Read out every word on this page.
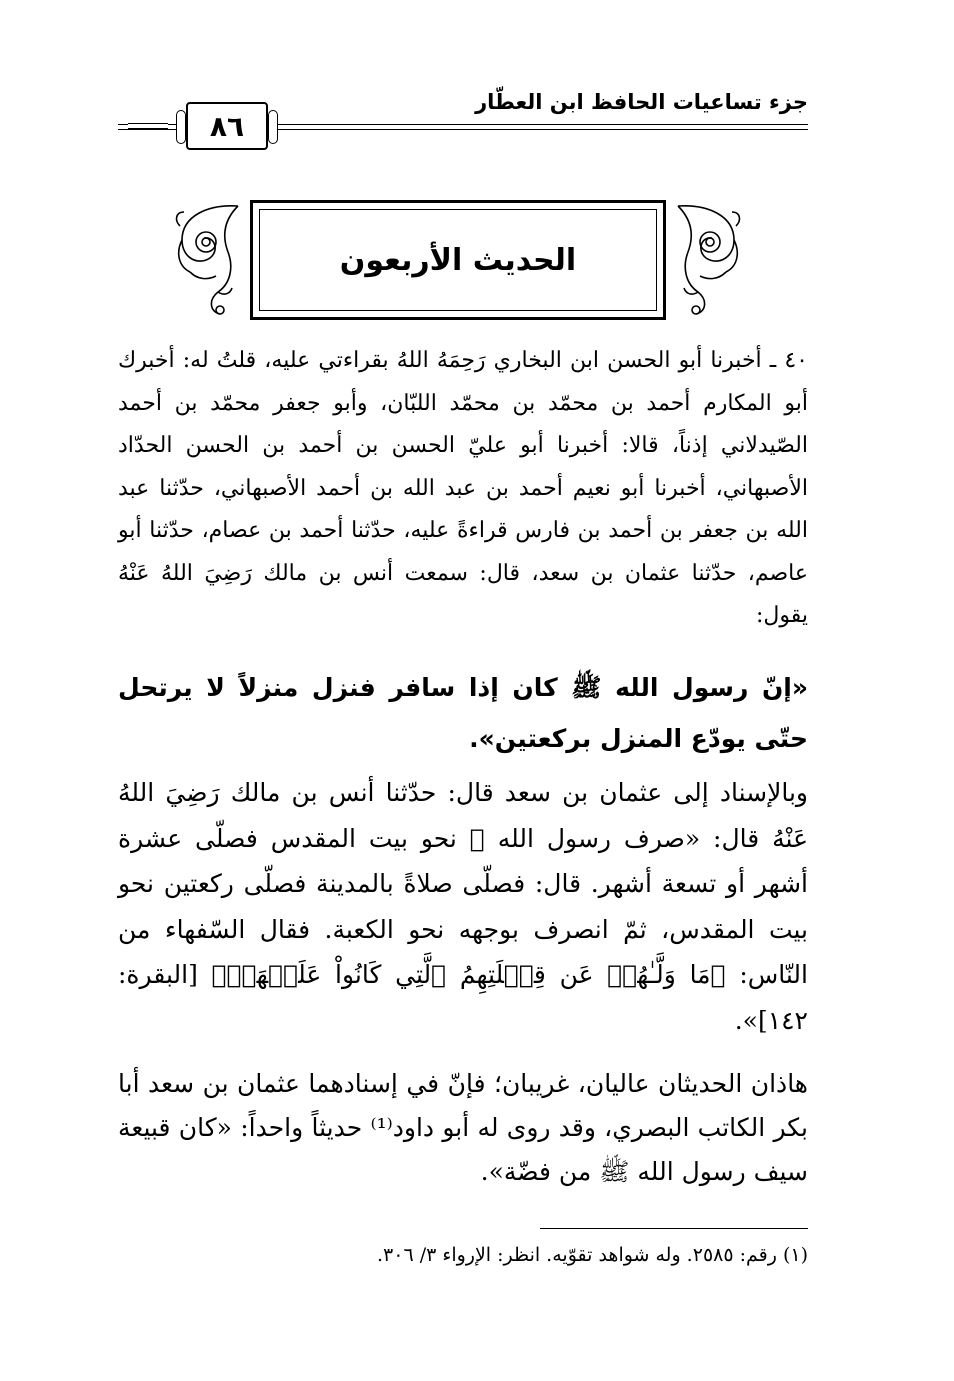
٨٦
جزء تساعيات الحافظ ابن العطّار
الحديث الأربعون

٤٠ ـ أخبرنا أبو الحسن ابن البخاري رَحِمَهُ اللهُ بقراءتي عليه، قلتُ له: أخبرك أبو المكارم أحمد بن محمّد بن محمّد اللبّان، وأبو جعفر محمّد بن أحمد الصّيدلاني إذناً، قالا: أخبرنا أبو عليّ الحسن بن أحمد بن الحسن الحدّاد الأصبهاني، أخبرنا أبو نعيم أحمد بن عبد الله بن أحمد الأصبهاني، حدّثنا عبد الله بن جعفر بن أحمد بن فارس قراءةً عليه، حدّثنا أحمد بن عصام، حدّثنا أبو عاصم، حدّثنا عثمان بن سعد، قال: سمعت أنس بن مالك رَضِيَ اللهُ عَنْهُ يقول:

«إنّ رسول الله ﷺ كان إذا سافر فنزل منزلاً لا يرتحل حتّى يودّع المنزل بركعتين».

وبالإسناد إلى عثمان بن سعد قال: حدّثنا أنس بن مالك رَضِيَ اللهُ عَنْهُ قال: «صرف رسول الله ﷺ نحو بيت المقدس فصلّى عشرة أشهر أو تسعة أشهر. قال: فصلّى صلاةً بالمدينة فصلّى ركعتين نحو بيت المقدس، ثمّ انصرف بوجهه نحو الكعبة. فقال السّفهاء من النّاس: ﴿مَا وَلَّـٰهُمۡ عَن قِبۡلَتِهِمُ ٱلَّتِي كَانُواْ عَلَيۡهَاۚ﴾ [البقرة: ١٤٢]».

هاذان الحديثان عاليان، غريبان؛ فإنّ في إسنادهما عثمان بن سعد أبا بكر الكاتب البصري، وقد روى له أبو داود⁽¹⁾ حديثاً واحداً: «كان قبيعة سيف رسول الله ﷺ من فضّة».

(١) رقم: ٢٥٨٥. وله شواهد تقوّيه. انظر: الإرواء ٣/ ٣٠٦.
